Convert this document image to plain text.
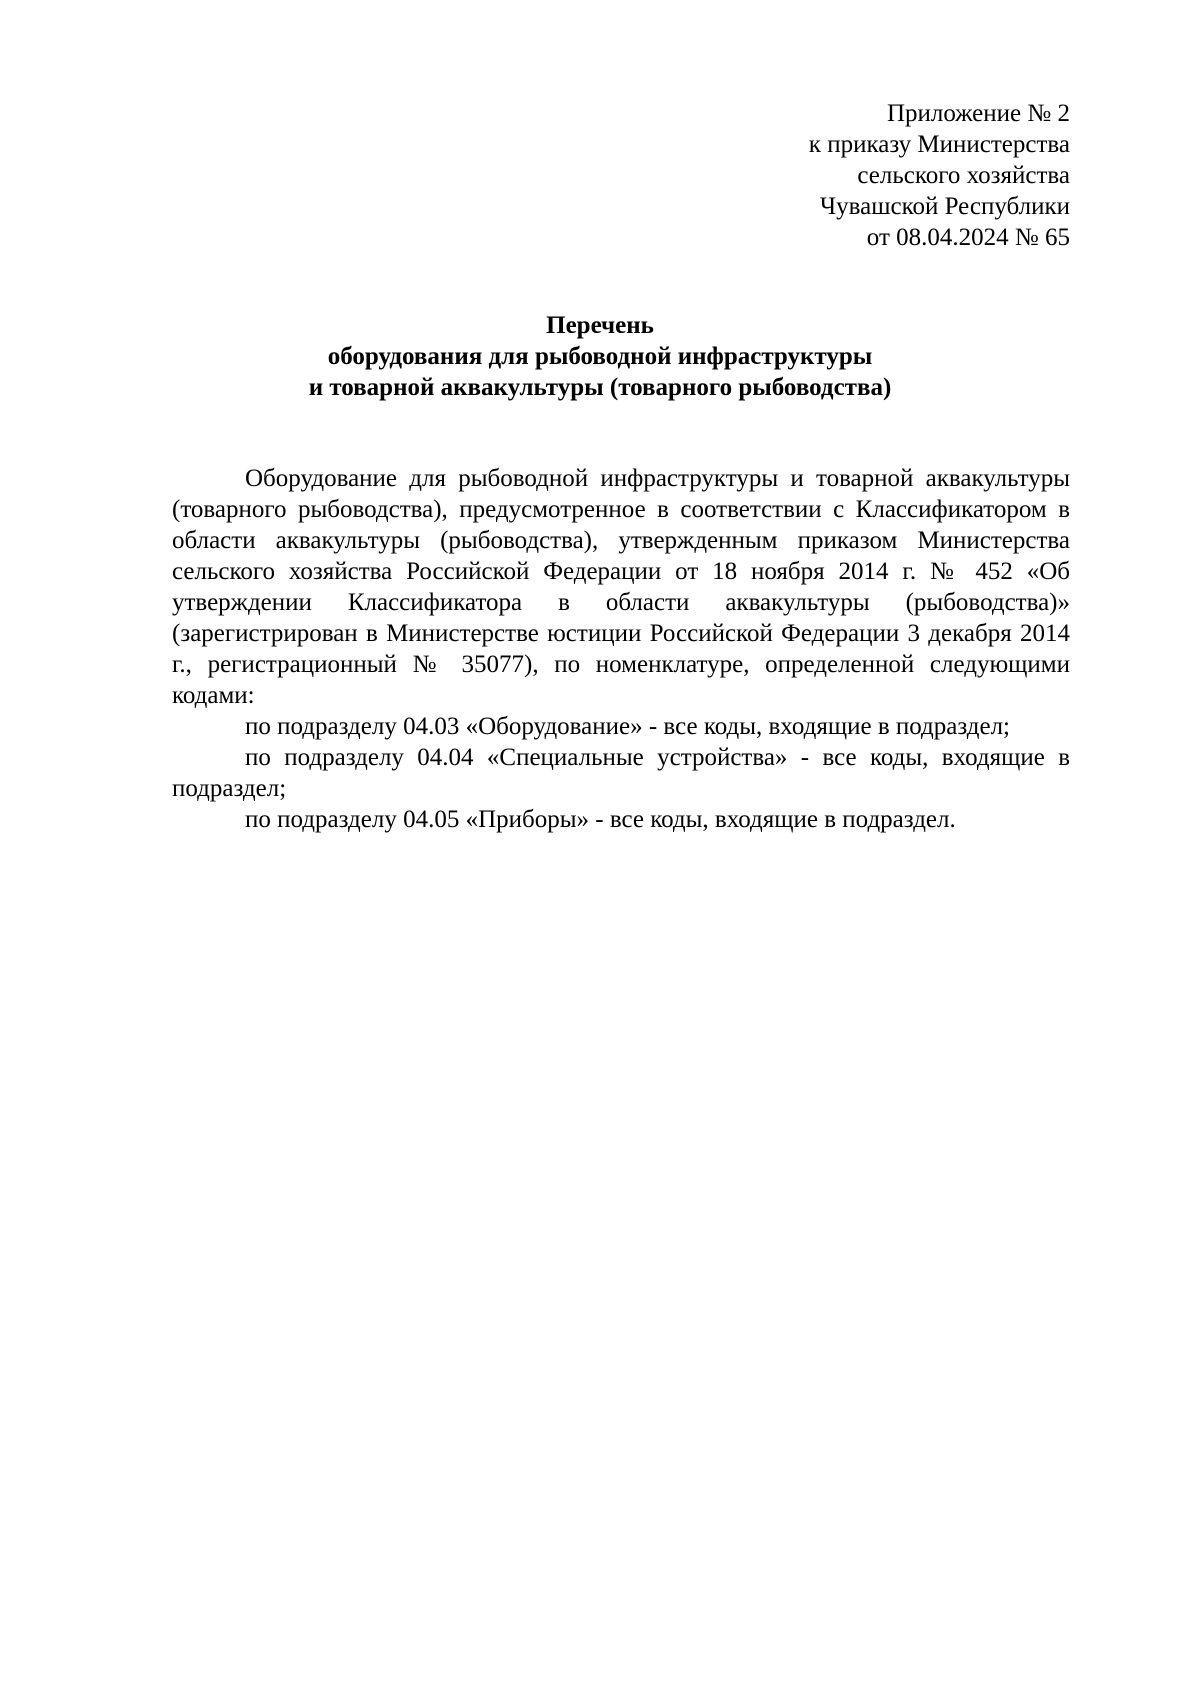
Приложение № 2
к приказу Министерства
сельского хозяйства
Чувашской Республики
от 08.04.2024 № 65
Перечень
оборудования для рыбоводной инфраструктуры
и товарной аквакультуры (товарного рыбоводства)

Оборудование для рыбоводной инфраструктуры и товарной аквакультуры (товарного рыбоводства), предусмотренное в соответствии с Классификатором в области аквакультуры (рыбоводства), утвержденным приказом Министерства сельского хозяйства Российской Федерации от 18 ноября 2014 г. № 452 «Об утверждении Классификатора в области аквакультуры (рыбоводства)» (зарегистрирован в Министерстве юстиции Российской Федерации 3 декабря 2014 г., регистрационный № 35077), по номенклатуре, определенной следующими кодами:

по подразделу 04.03 «Оборудование» - все коды, входящие в подраздел;

по подразделу 04.04 «Специальные устройства» - все коды, входящие в подраздел;

по подразделу 04.05 «Приборы» - все коды, входящие в подраздел.
